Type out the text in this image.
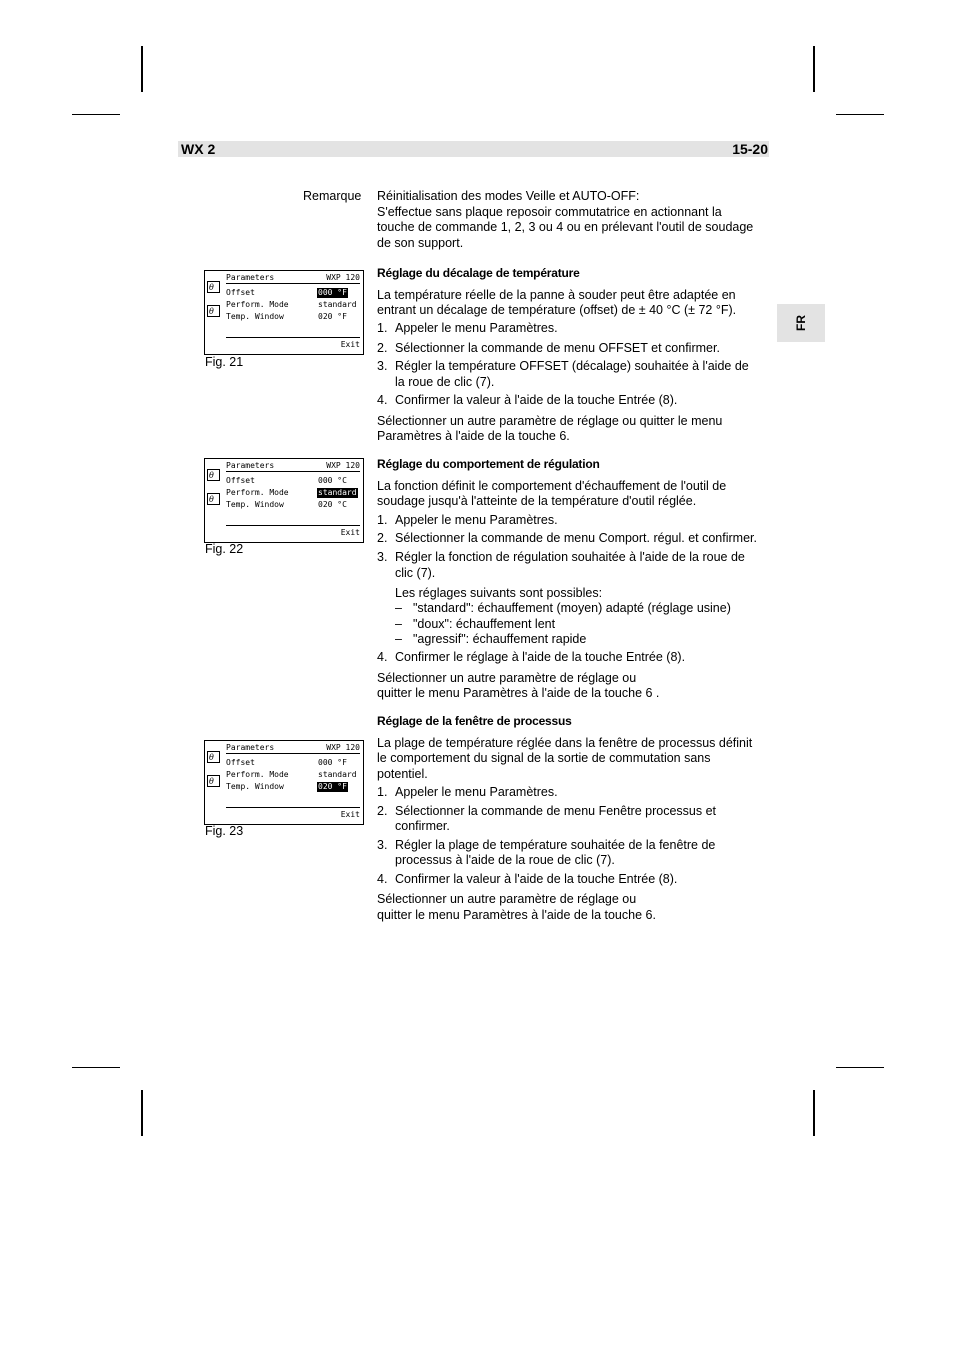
WX 2	15-20
FR
Remarque Réinitialisation des modes Veille et AUTO-OFF:
S'effectue sans plaque reposoir commutatrice en actionnant la
touche de commande 1, 2, 3 ou 4 ou en prélevant l'outil de soudage
de son support.
Réglage du décalage de température
La température réelle de la panne à souder peut être adaptée en
entrant un décalage de température (offset) de ± 40 °C (± 72 °F).
1. Appeler le menu Paramètres.
2. Sélectionner la commande de menu OFFSET et confirmer.
3. Régler la température OFFSET (décalage) souhaitée à l'aide de
la roue de clic (7).
4. Confirmer la valeur à l'aide de la touche Entrée (8).
Sélectionner un autre paramètre de réglage ou quitter le menu
Paramètres à l'aide de la touche 6.
Réglage du comportement de régulation
La fonction définit le comportement d'échauffement de l'outil de
soudage jusqu'à l'atteinte de la température d'outil réglée.
1. Appeler le menu Paramètres.
2. Sélectionner la commande de menu Comport. régul. et confirmer.
3. Régler la fonction de régulation souhaitée à l'aide de la roue de
clic (7).
Les réglages suivants sont possibles:
– "standard": échauffement (moyen) adapté (réglage usine)
– "doux": échauffement lent
– "agressif": échauffement rapide
4. Confirmer le réglage à l'aide de la touche Entrée (8).
Sélectionner un autre paramètre de réglage ou
quitter le menu Paramètres à l'aide de la touche 6 .
Réglage de la fenêtre de processus
La plage de température réglée dans la fenêtre de processus définit
le comportement du signal de la sortie de commutation sans
potentiel.
1. Appeler le menu Paramètres.
2. Sélectionner la commande de menu Fenêtre processus et
confirmer.
3. Régler la plage de température souhaitée de la fenêtre de
processus à l'aide de la roue de clic (7).
4. Confirmer la valeur à l'aide de la touche Entrée (8).
Sélectionner un autre paramètre de réglage ou
quitter le menu Paramètres à l'aide de la touche 6.
Parameters	WXP 120
θ
θ
Offset	000 °F
Perform. Mode	standard
Temp. Window	020 °F
Exit
Fig. 21
Parameters	WXP 120
θ
θ
Offset	000 °C
Perform. Mode	standard
Temp. Window	020 °C
Exit
Fig. 22
Parameters	WXP 120
θ
θ
Offset	000 °F
Perform. Mode	standard
Temp. Window	020 °F
Exit
Fig. 23
